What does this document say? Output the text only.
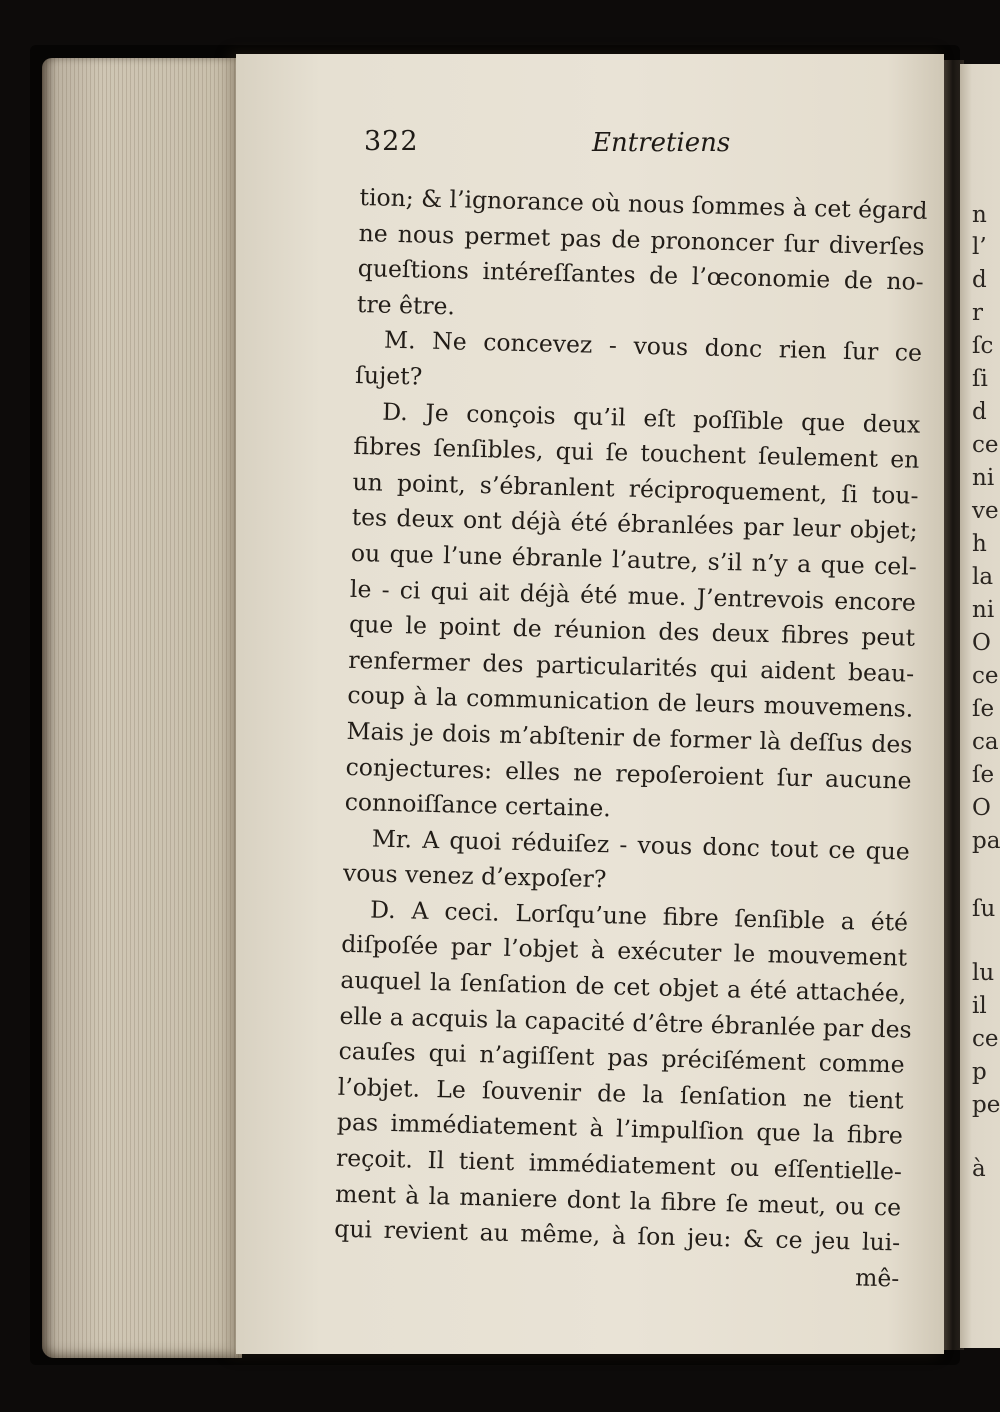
n
l’
d
r
ſc
ſi
d
ce
ni
ve
h
la
ni
O
ce
ſe
ca
ſe
O
pa
ſu
lu
il
ce
p
pe
à
322	Entretiens
tion; & l’ignorance où nous ſommes à cet égard
ne nous permet pas de prononcer ſur diverſes
queſtions intéreſſantes de l’œconomie de no-
tre être.
M. Ne concevez - vous donc rien ſur ce
ſujet?
D. Je conçois qu’il eſt poſſible que deux
fibres ſenſibles, qui ſe touchent ſeulement en
un point, s’ébranlent réciproquement, ſi tou-
tes deux ont déjà été ébranlées par leur objet;
ou que l’une ébranle l’autre, s’il n’y a que cel-
le - ci qui ait déjà été mue. J’entrevois encore
que le point de réunion des deux fibres peut
renfermer des particularités qui aident beau-
coup à la communication de leurs mouvemens.
Mais je dois m’abſtenir de former là deſſus des
conjectures: elles ne repoſeroient ſur aucune
connoiſſance certaine.
Mr. A quoi réduiſez - vous donc tout ce que
vous venez d’expoſer?
D. A ceci. Lorſqu’une fibre ſenſible a été
diſpoſée par l’objet à exécuter le mouvement
auquel la ſenſation de cet objet a été attachée,
elle a acquis la capacité d’être ébranlée par des
cauſes qui n’agiſſent pas préciſément comme
l’objet. Le ſouvenir de la ſenſation ne tient
pas immédiatement à l’impulſion que la fibre
reçoit. Il tient immédiatement ou eſſentielle-
ment à la maniere dont la fibre ſe meut, ou ce
qui revient au même, à ſon jeu: & ce jeu lui-
mê-
